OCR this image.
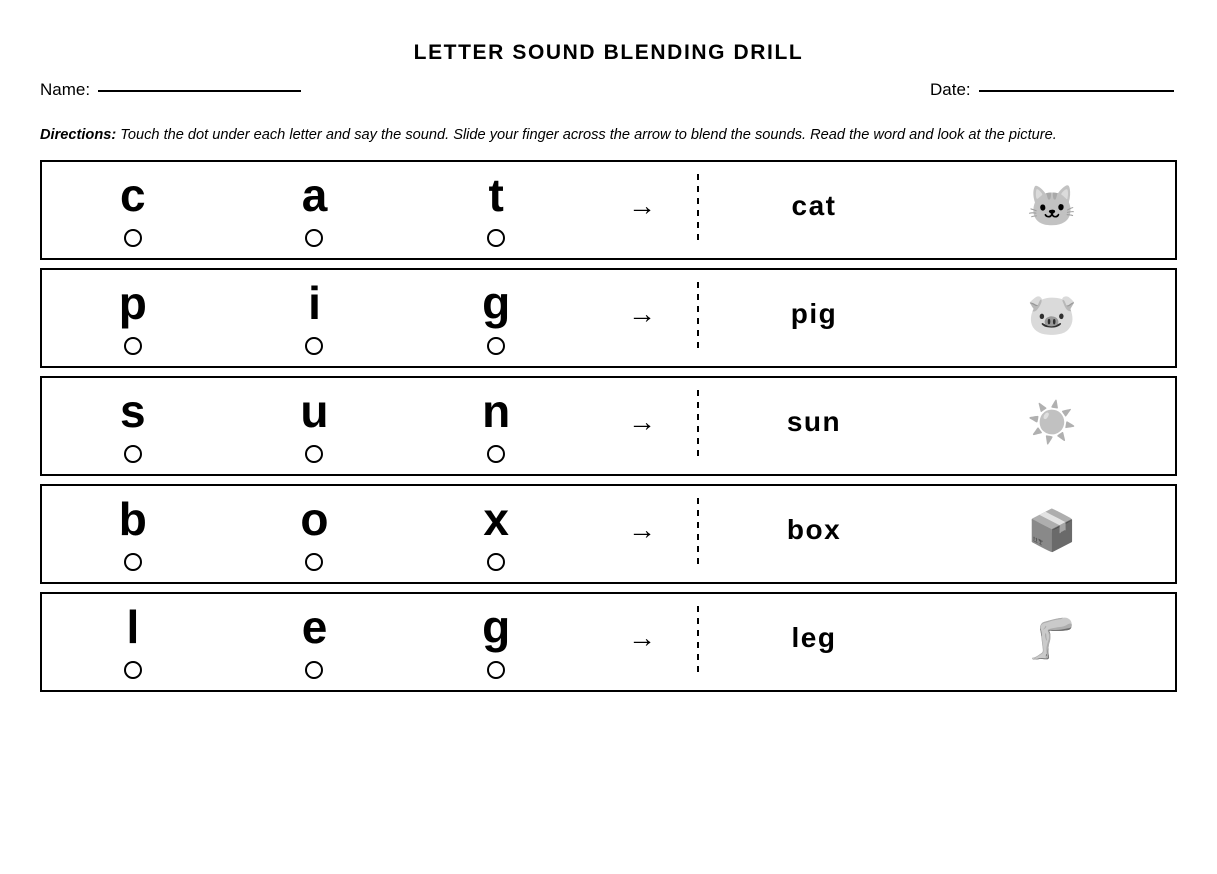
LETTER SOUND BLENDING DRILL
Name:	Date:
Directions: Touch the dot under each letter and say the sound. Slide your finger across the arrow to blend the sounds. Read the word and look at the picture.
c	a	t	→	cat	🐱
p	i	g	→	pig	🐷
s	u	n	→	sun	☀️
b	o	x	→	box	📦
l	e	g	→	leg	🦵
